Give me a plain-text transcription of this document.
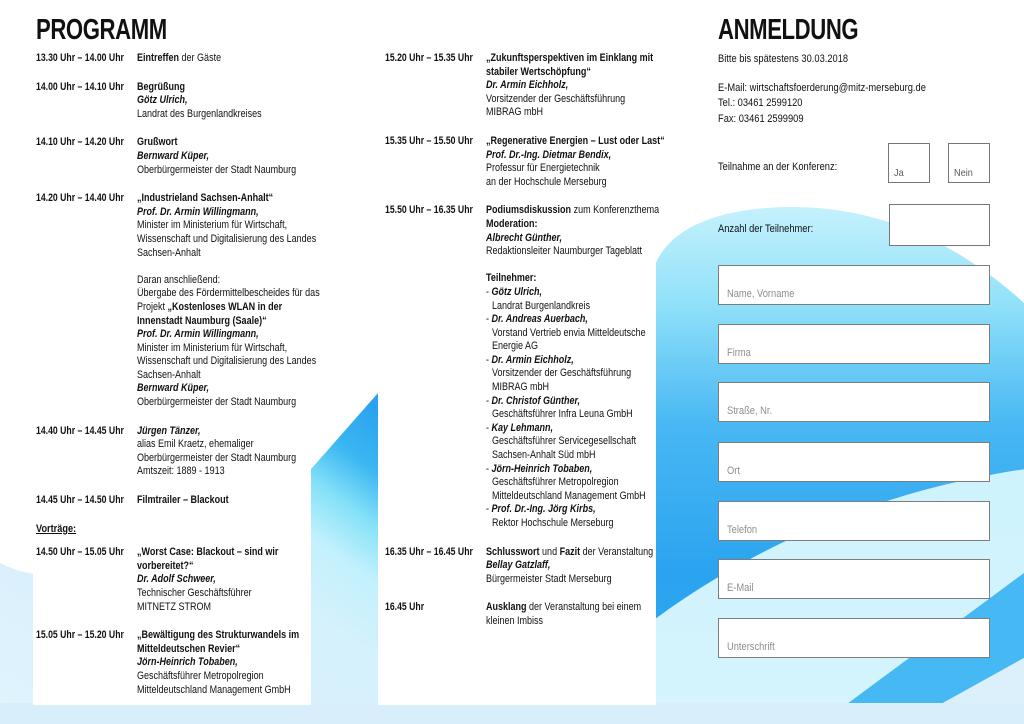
PROGRAMM
13.30 Uhr – 14.00 Uhr Eintreffen der Gäste
14.00 Uhr – 14.10 Uhr Begrüßung
Götz Ulrich,
Landrat des Burgenlandkreises
14.10 Uhr – 14.20 Uhr Grußwort
Bernward Küper,
Oberbürgermeister der Stadt Naumburg
14.20 Uhr – 14.40 Uhr „Industrieland Sachsen-Anhalt“
Prof. Dr. Armin Willingmann,
Minister im Ministerium für Wirtschaft,
Wissenschaft und Digitalisierung des Landes
Sachsen-Anhalt

Daran anschließend:
Übergabe des Fördermittelbescheides für das
Projekt „Kostenloses WLAN in der
Innenstadt Naumburg (Saale)“
Prof. Dr. Armin Willingmann,
Minister im Ministerium für Wirtschaft,
Wissenschaft und Digitalisierung des Landes
Sachsen-Anhalt
Bernward Küper,
Oberbürgermeister der Stadt Naumburg
14.40 Uhr – 14.45 Uhr Jürgen Tänzer,
alias Emil Kraetz, ehemaliger
Oberbürgermeister der Stadt Naumburg
Amtszeit: 1889 - 1913
14.45 Uhr – 14.50 Uhr Filmtrailer – Blackout
Vorträge:
14.50 Uhr – 15.05 Uhr „Worst Case: Blackout – sind wir
vorbereitet?“
Dr. Adolf Schweer,
Technischer Geschäftsführer
MITNETZ STROM
15.05 Uhr – 15.20 Uhr „Bewältigung des Strukturwandels im
Mitteldeutschen Revier“
Jörn-Heinrich Tobaben,
Geschäftsführer Metropolregion
Mitteldeutschland Management GmbH
15.20 Uhr – 15.35 Uhr „Zukunftsperspektiven im Einklang mit
stabiler Wertschöpfung“
Dr. Armin Eichholz,
Vorsitzender der Geschäftsführung
MIBRAG mbH
15.35 Uhr – 15.50 Uhr „Regenerative Energien – Lust oder Last“
Prof. Dr.-Ing. Dietmar Bendix,
Professur für Energietechnik
an der Hochschule Merseburg
15.50 Uhr – 16.35 Uhr Podiumsdiskussion zum Konferenzthema
Moderation:
Albrecht Günther,
Redaktionsleiter Naumburger Tageblatt

Teilnehmer:
- Götz Ulrich,
Landrat Burgenlandkreis
- Dr. Andreas Auerbach,
Vorstand Vertrieb envia Mitteldeutsche
Energie AG
- Dr. Armin Eichholz,
Vorsitzender der Geschäftsführung
MIBRAG mbH
- Dr. Christof Günther,
Geschäftsführer Infra Leuna GmbH
- Kay Lehmann,
Geschäftsführer Servicegesellschaft
Sachsen-Anhalt Süd mbH
- Jörn-Heinrich Tobaben,
Geschäftsführer Metropolregion
Mitteldeutschland Management GmbH
- Prof. Dr.-Ing. Jörg Kirbs,
Rektor Hochschule Merseburg
16.35 Uhr – 16.45 Uhr Schlusswort und Fazit der Veranstaltung
Bellay Gatzlaff,
Bürgermeister Stadt Merseburg
16.45 Uhr	Ausklang der Veranstaltung bei einem
kleinen Imbiss
ANMELDUNG
Bitte bis spätestens 30.03.2018
E-Mail: wirtschaftsfoerderung@mitz-merseburg.de
Tel.: 03461 2599120
Fax: 03461 2599909
Teilnahme an der Konferenz:
Ja	Nein
Anzahl der Teilnehmer:
Name, Vorname
Firma
Straße, Nr.
Ort
Telefon
E-Mail
Unterschrift
